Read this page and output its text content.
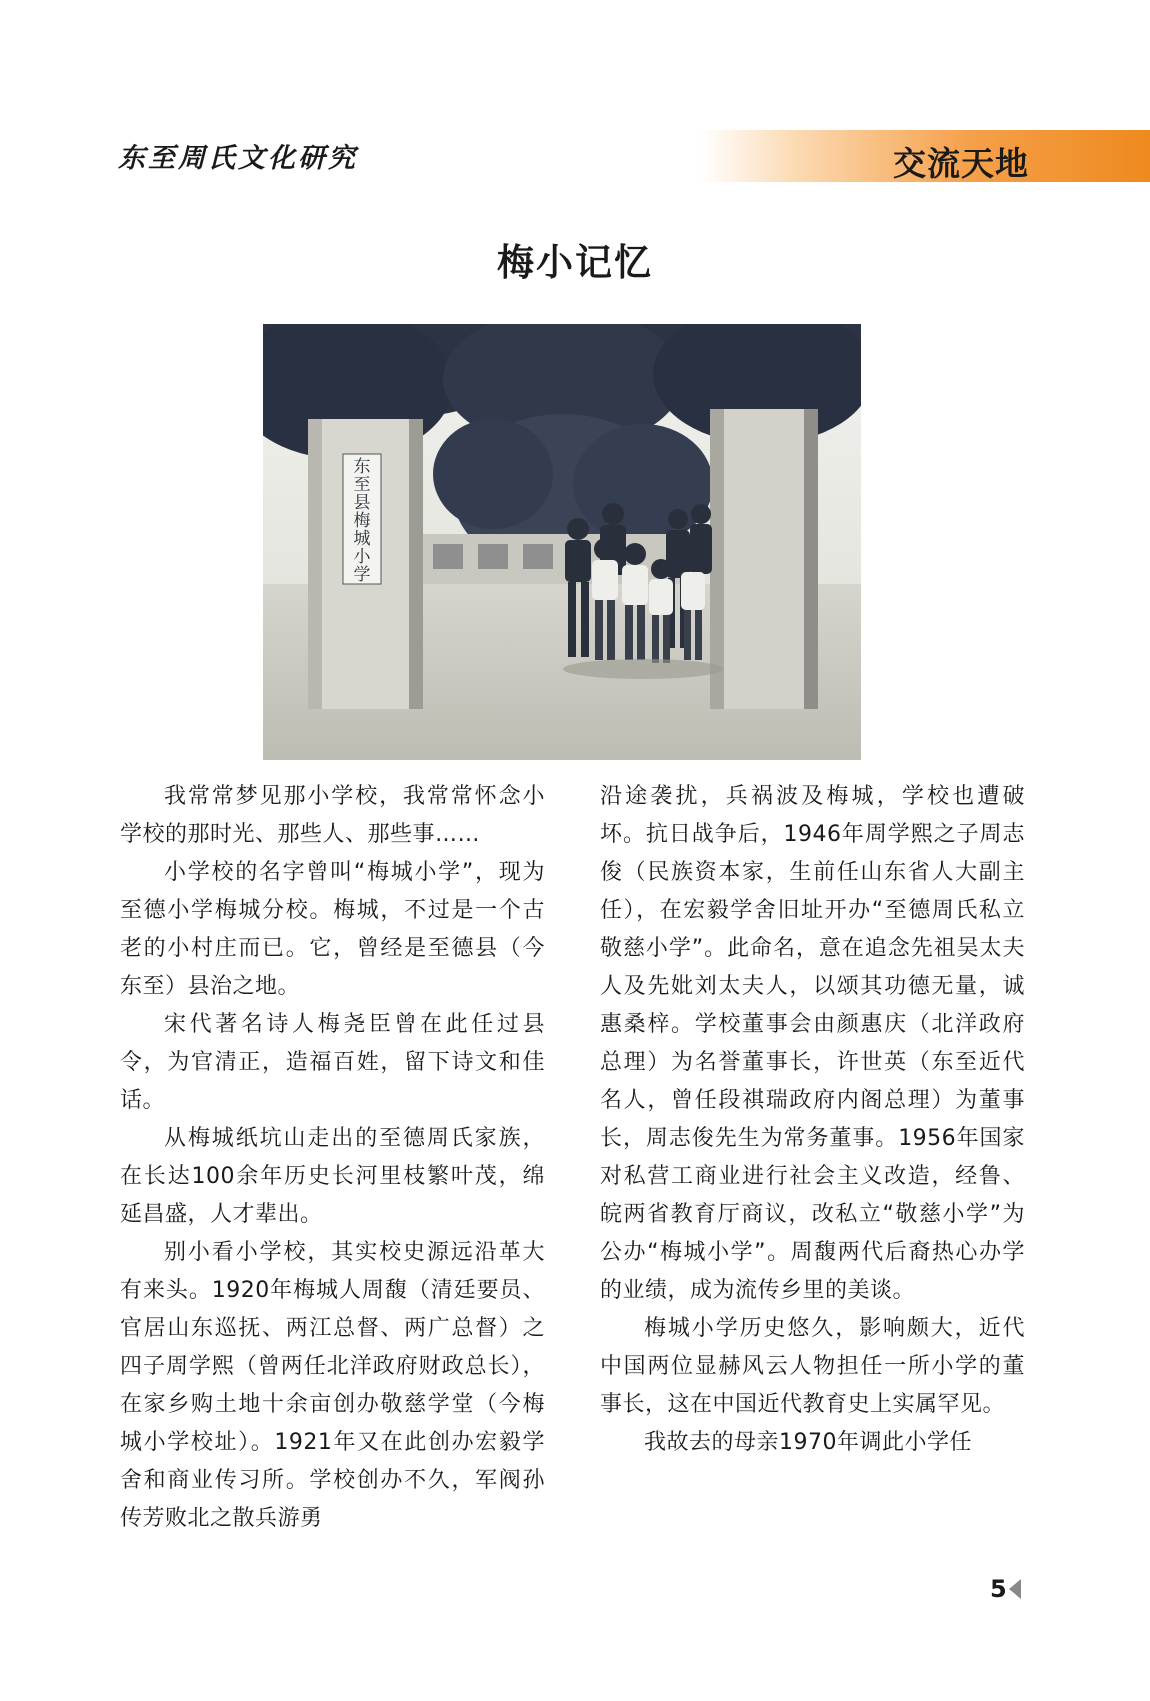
东至周氏文化研究	交流天地
梅小记忆
东
至
县
梅
城
小
学

我常常梦见那小学校，我常常怀念小学校的那时光、那些人、那些事……

小学校的名字曾叫“梅城小学”，现为至德小学梅城分校。梅城，不过是一个古老的小村庄而已。它，曾经是至德县（今东至）县治之地。

宋代著名诗人梅尧臣曾在此任过县令，为官清正，造福百姓，留下诗文和佳话。

从梅城纸坑山走出的至德周氏家族，在长达100余年历史长河里枝繁叶茂，绵延昌盛，人才辈出。

别小看小学校，其实校史源远沿革大有来头。1920年梅城人周馥（清廷要员、官居山东巡抚、两江总督、两广总督）之四子周学熙（曾两任北洋政府财政总长），在家乡购土地十余亩创办敬慈学堂（今梅城小学校址）。1921年又在此创办宏毅学舍和商业传习所。学校创办不久，军阀孙传芳败北之散兵游勇

沿途袭扰，兵祸波及梅城，学校也遭破坏。抗日战争后，1946年周学熙之子周志俊（民族资本家，生前任山东省人大副主任），在宏毅学舍旧址开办“至德周氏私立敬慈小学”。此命名，意在追念先祖吴太夫人及先妣刘太夫人，以颂其功德无量，诚惠桑梓。学校董事会由颜惠庆（北洋政府总理）为名誉董事长，许世英（东至近代名人，曾任段祺瑞政府内阁总理）为董事长，周志俊先生为常务董事。1956年国家对私营工商业进行社会主义改造，经鲁、皖两省教育厅商议，改私立“敬慈小学”为公办“梅城小学”。周馥两代后裔热心办学的业绩，成为流传乡里的美谈。

梅城小学历史悠久，影响颇大，近代中国两位显赫风云人物担任一所小学的董事长，这在中国近代教育史上实属罕见。

我故去的母亲1970年调此小学任

5
